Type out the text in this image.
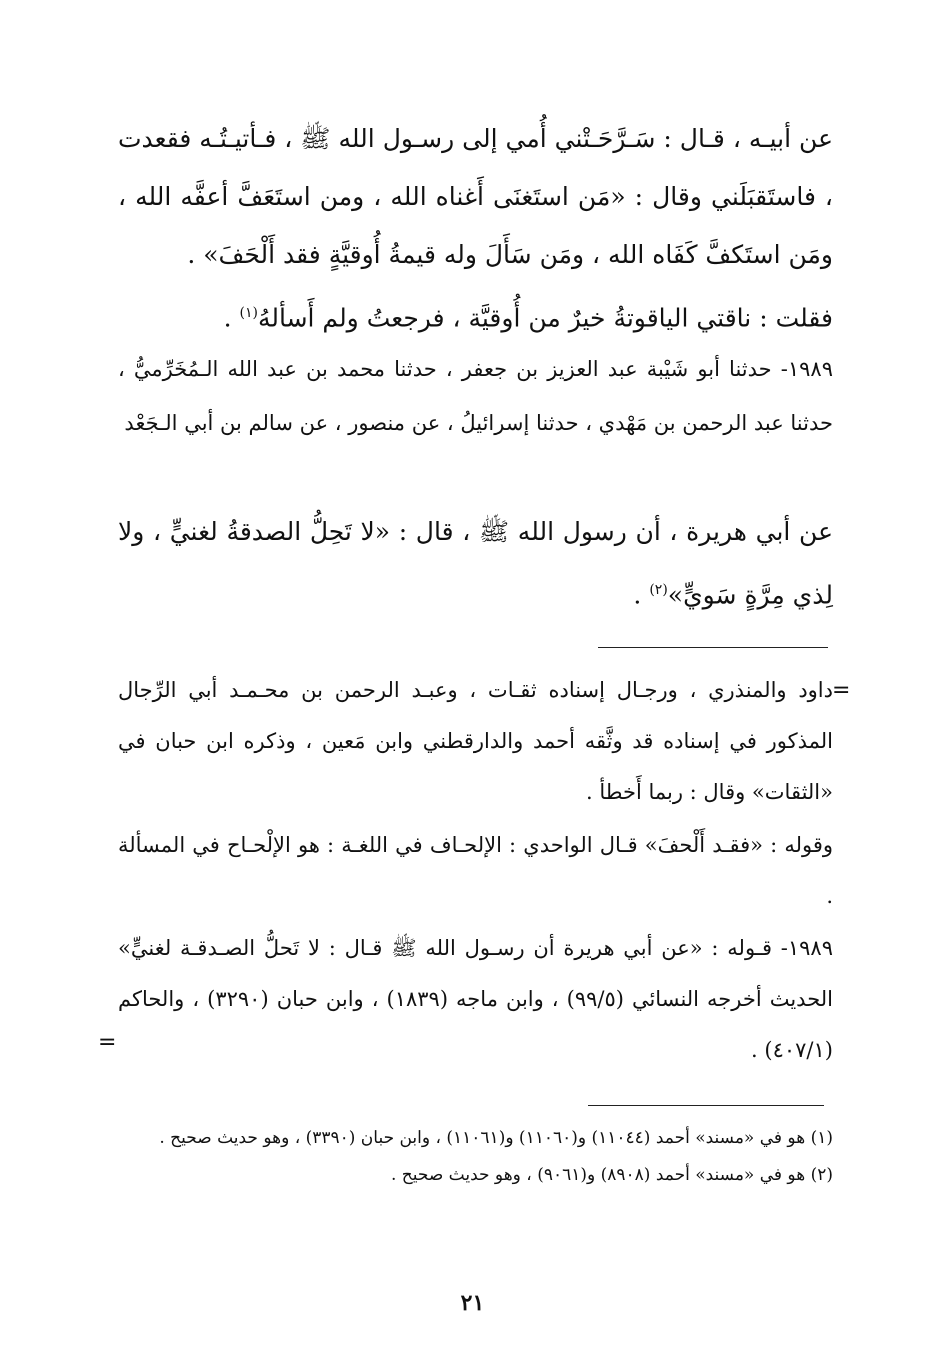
عن أبيـه ، قـال : سَـرَّحَـتْني أُمي إلى رسـول الله ﷺ ، فـأتيـتُـه فقعدت ، فاستَقبَلَني وقال : «مَن استَغنَى أَغناه الله ، ومن استَعَفَّ أعفَّه الله ، ومَن استَكفَّ كَفَاه الله ، ومَن سَأَلَ وله قيمةُ أُوقيَّةٍ فقد أَلْحَفَ» .

فقلت : ناقتي الياقوتةُ خيرٌ من أُوقيَّة ، فرجعتُ ولم أَسألهُ$^{(١)}$ .

١٩٨٩- حدثنا أبو شَيْبة عبد العزيز بن جعفر ، حدثنا محمد بن عبد الله الـمُخَرِّميُّ ، حدثنا عبد الرحمن بن مَهْدي ، حدثنا إسرائيلُ ، عن منصور ، عن سالم بن أبي الـجَعْد

عن أبي هريرة ، أن رسول الله ﷺ ، قال : «لا تَحِلُّ الصدقةُ لغنيٍّ ، ولا لِذي مِرَّةٍ سَويٍّ»$^{(٢)}$ .

=
داود والمنذري ، ورجـال إسناده ثقـات ، وعبـد الرحمن بن محـمـد أبي الرِّجال المذكور في إسناده قد وثَّقه أحمد والدارقطني وابن مَعين ، وذكره ابن حبان في «الثقات» وقال : ربما أَخطأ .
وقوله : «فقـد أَلْحفَ» قـال الواحدي : الإلحـاف في اللغـة : هو الإلْحـاح في المسألة .
١٩٨٩- قـوله : «عن أبي هريرة أن رسـول الله ﷺ قـال : لا تَحلُّ الصـدقـة لغنيٍّ» الحديث أخرجه النسائي (٩٩/٥) ، وابن ماجه (١٨٣٩) ، وابن حبان (٣٢٩٠) ، والحاكم (٤٠٧/١) .
=

(١) هو في «مسند» أحمد (١١٠٤٤) و(١١٠٦٠) و(١١٠٦١) ، وابن حبان (٣٣٩٠) ، وهو حديث صحيح .

(٢) هو في «مسند» أحمد (٨٩٠٨) و(٩٠٦١) ، وهو حديث صحيح .

٢١
